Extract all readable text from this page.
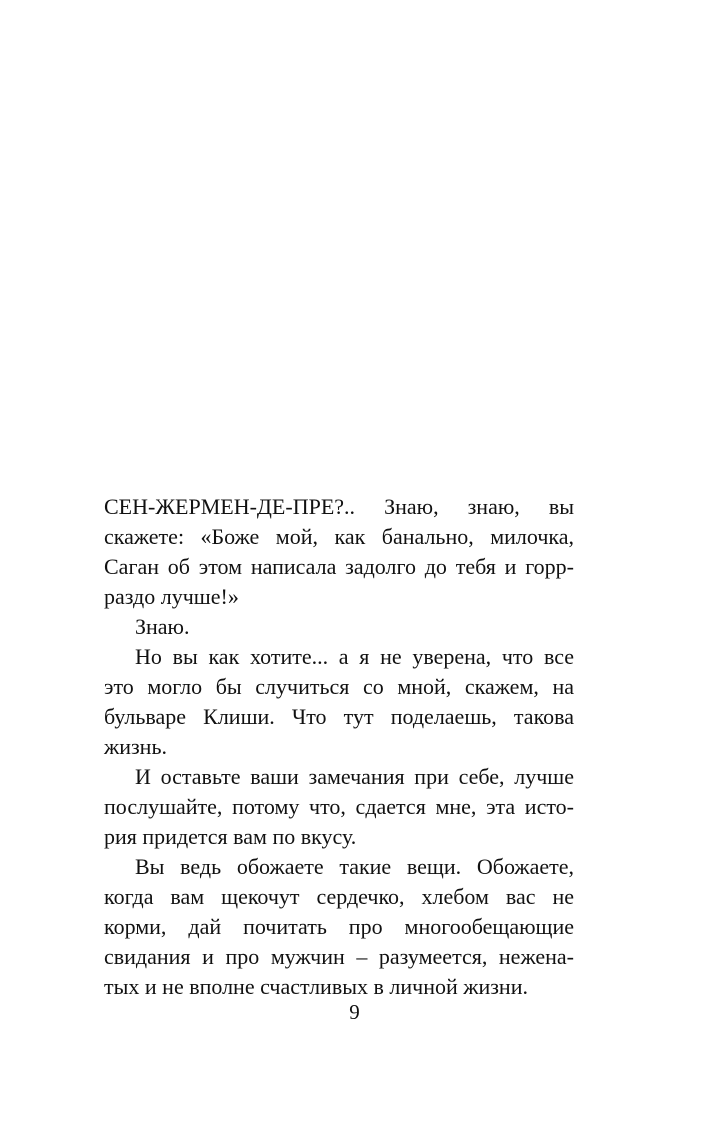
СЕН-ЖЕРМЕН-ДЕ-ПРЕ?.. Знаю, знаю, вы
скажете: «Боже мой, как банально, милочка,
Саган об этом написала задолго до тебя и горр-
раздо лучше!»
Знаю.
Но вы как хотите... а я не уверена, что все
это могло бы случиться со мной, скажем, на
бульваре Клиши. Что тут поделаешь, такова
жизнь.
И оставьте ваши замечания при себе, лучше
послушайте, потому что, сдается мне, эта исто-
рия придется вам по вкусу.
Вы ведь обожаете такие вещи. Обожаете,
когда вам щекочут сердечко, хлебом вас не
корми, дай почитать про многообещающие
свидания и про мужчин – разумеется, нежена-
тых и не вполне счастливых в личной жизни.
9
